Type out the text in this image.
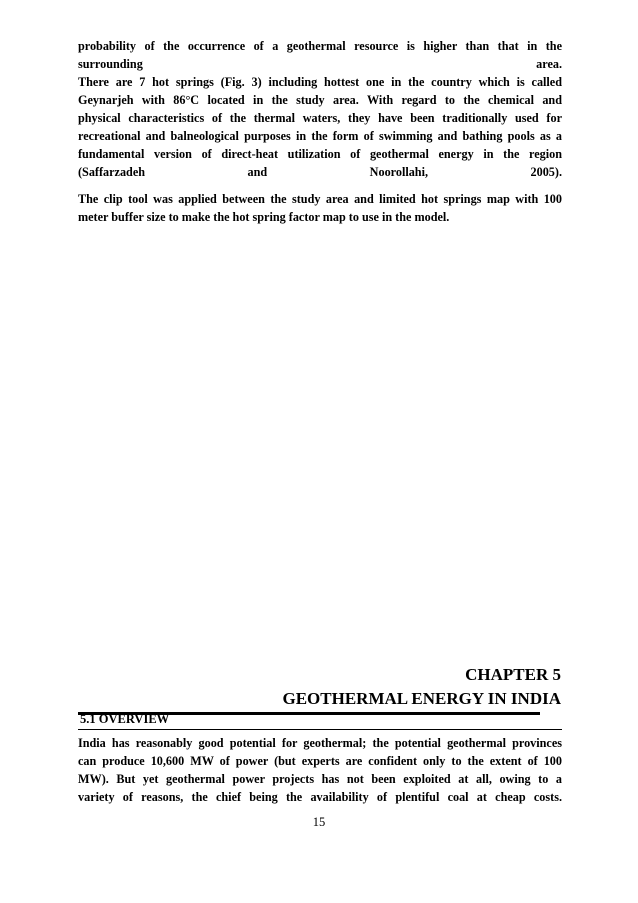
probability of the occurrence of a geothermal resource is higher than that in the
surrounding area.
There are 7 hot springs (Fig. 3) including hottest one in the country which is called
Geynarjeh with 86°C located in the study area. With regard to the chemical and
physical characteristics of the thermal waters, they have been traditionally used for
recreational and balneological purposes in the form of swimming and bathing pools as a
fundamental version of direct-heat utilization of geothermal energy in the region
(Saffarzadeh and Noorollahi, 2005).
The clip tool was applied between the study area and limited hot springs map with 100
meter buffer size to make the hot spring factor map to use in the model.

CHAPTER 5

GEOTHERMAL ENERGY IN INDIA

5.1 OVERVIEW

India has reasonably good potential for geothermal; the potential geothermal provinces
can produce 10,600 MW of power (but experts are confident only to the extent of 100
MW). But yet geothermal power projects has not been exploited at all, owing to a
variety of reasons, the chief being the availability of plentiful coal at cheap costs.

15
